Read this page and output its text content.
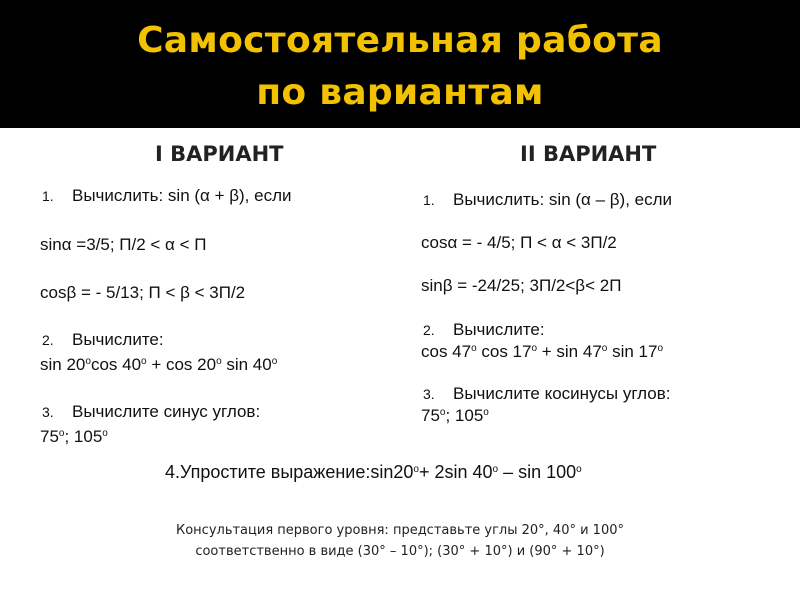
Самостоятельная работа
по вариантам
I ВАРИАНТ
1. Вычислить: sin (α + β), если
sinα =3/5; П/2 < α < П
cosβ = - 5/13; П < β < 3П/2
2. Вычислите:
sin 20$^o$cos $40^o + \cos 20^o$ sin 40$^o$
3. Вычислите синус углов:
75$^o$; 105$^o$
II ВАРИАНТ
1. Вычислить: sin (α – β), если
cosα = - 4/5; П < α < 3П/2
sinβ = -24/25; 3П/2<β< 2П
2. Вычислите:
cos 47$^o$ $\cos 17^o + \sin 47^o$ sin 17$^o$
3. Вычислите косинусы углов:
75$^o$; 105$^o$
4.Упростите $выражение:\sin 20^o+ 2\sin$ 40$^o$ – sin 100$^o$
Консультация первого уровня: представьте углы 20°, 40° и 100°
соответственно в виде (30° – 10°); (30° + 10°) и (90° + 10°)
